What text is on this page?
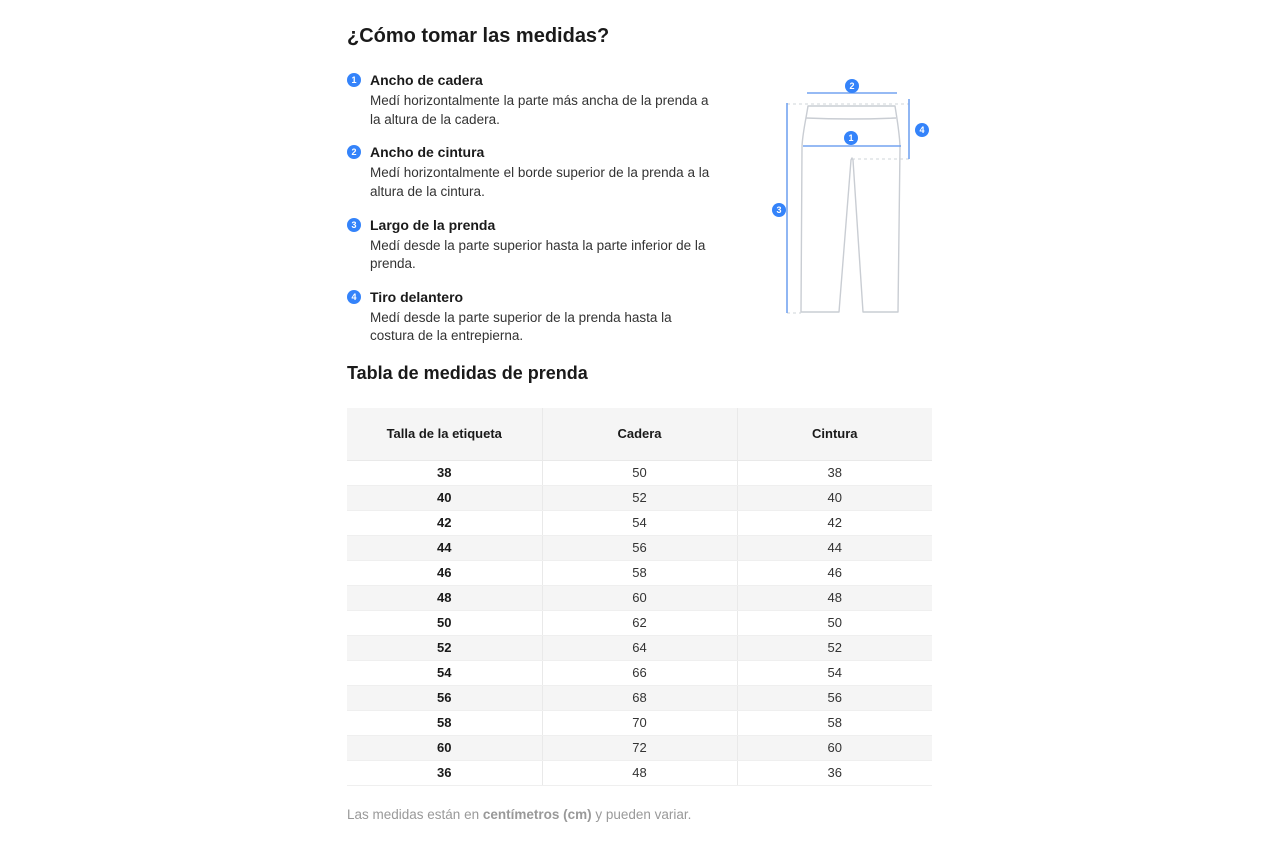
¿Cómo tomar las medidas?
1 Ancho de cadera

Medí horizontalmente la parte más ancha de la prenda a la altura de la cadera.

2 Ancho de cintura

Medí horizontalmente el borde superior de la prenda a la altura de la cintura.

3 Largo de la prenda

Medí desde la parte superior hasta la parte inferior de la prenda.

4 Tiro delantero

Medí desde la parte superior de la prenda hasta la costura de la entrepierna.

1
2
3
4
Tabla de medidas de prenda
Talla de la etiqueta	Cadera	Cintura
38	50	38
40	52	40
42	54	42
44	56	44
46	58	46
48	60	48
50	62	50
52	64	52
54	66	54
56	68	56
58	70	58
60	72	60
36	48	36

Las medidas están en centímetros (cm) y pueden variar.
